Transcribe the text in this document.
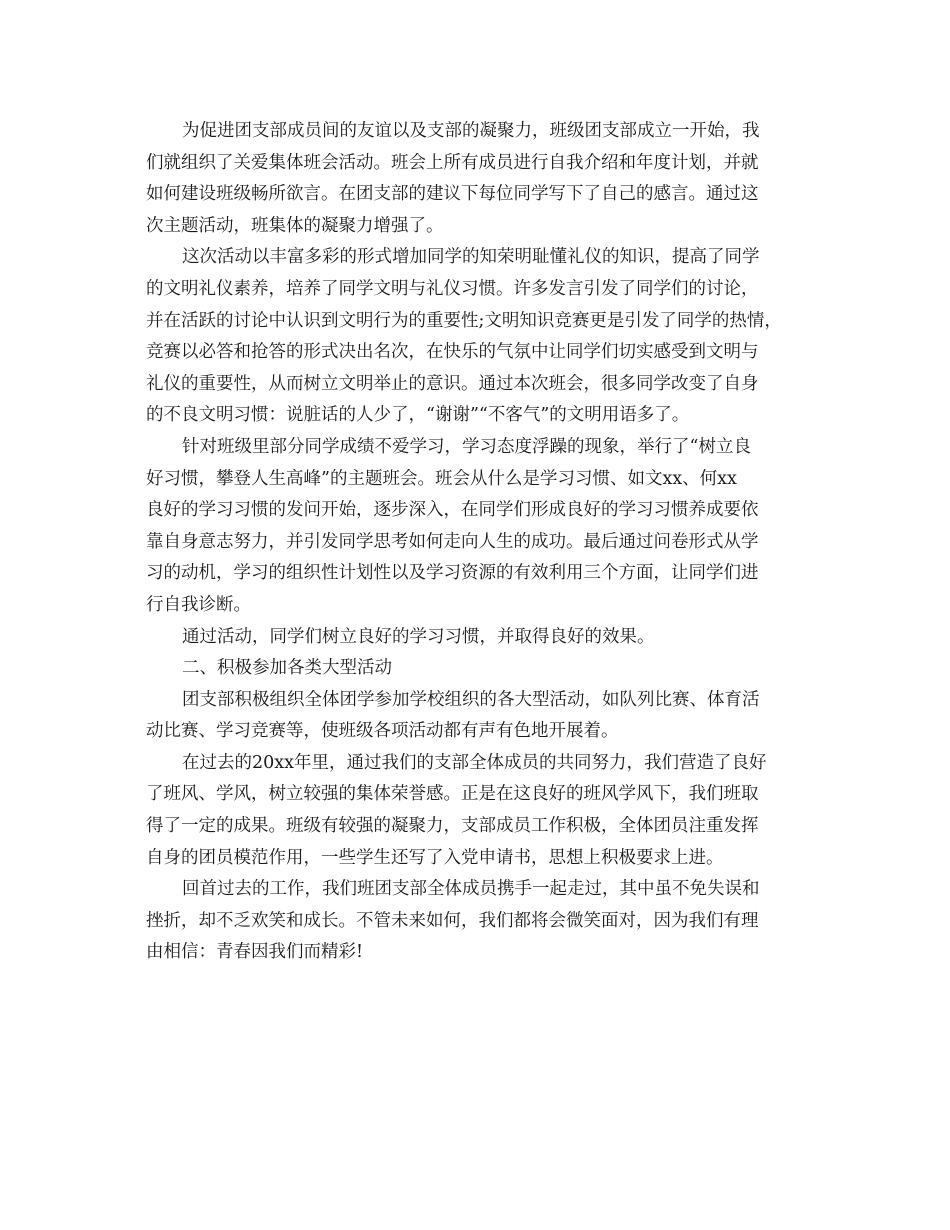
为促进团支部成员间的友谊以及支部的凝聚力，班级团支部成立一开始，我
们就组织了关爱集体班会活动。班会上所有成员进行自我介绍和年度计划，并就
如何建设班级畅所欲言。在团支部的建议下每位同学写下了自己的感言。通过这
次主题活动，班集体的凝聚力增强了。
这次活动以丰富多彩的形式增加同学的知荣明耻懂礼仪的知识，提高了同学
的文明礼仪素养，培养了同学文明与礼仪习惯。许多发言引发了同学们的讨论，
并在活跃的讨论中认识到文明行为的重要性;文明知识竞赛更是引发了同学的热情，
竞赛以必答和抢答的形式决出名次，在快乐的气氛中让同学们切实感受到文明与
礼仪的重要性，从而树立文明举止的意识。通过本次班会，很多同学改变了自身
的不良文明习惯：说脏话的人少了，“谢谢”“不客气”的文明用语多了。
针对班级里部分同学成绩不爱学习，学习态度浮躁的现象，举行了“树立良
好习惯，攀登人生高峰”的主题班会。班会从什么是学习习惯、如文xx、何xx
良好的学习习惯的发问开始，逐步深入，在同学们形成良好的学习习惯养成要依
靠自身意志努力，并引发同学思考如何走向人生的成功。最后通过问卷形式从学
习的动机，学习的组织性计划性以及学习资源的有效利用三个方面，让同学们进
行自我诊断。
通过活动，同学们树立良好的学习习惯，并取得良好的效果。
二、积极参加各类大型活动
团支部积极组织全体团学参加学校组织的各大型活动，如队列比赛、体育活
动比赛、学习竞赛等，使班级各项活动都有声有色地开展着。
在过去的20xx年里，通过我们的支部全体成员的共同努力，我们营造了良好
了班风、学风，树立较强的集体荣誉感。正是在这良好的班风学风下，我们班取
得了一定的成果。班级有较强的凝聚力，支部成员工作积极，全体团员注重发挥
自身的团员模范作用，一些学生还写了入党申请书，思想上积极要求上进。
回首过去的工作，我们班团支部全体成员携手一起走过，其中虽不免失误和
挫折，却不乏欢笑和成长。不管未来如何，我们都将会微笑面对，因为我们有理
由相信：青春因我们而精彩!
